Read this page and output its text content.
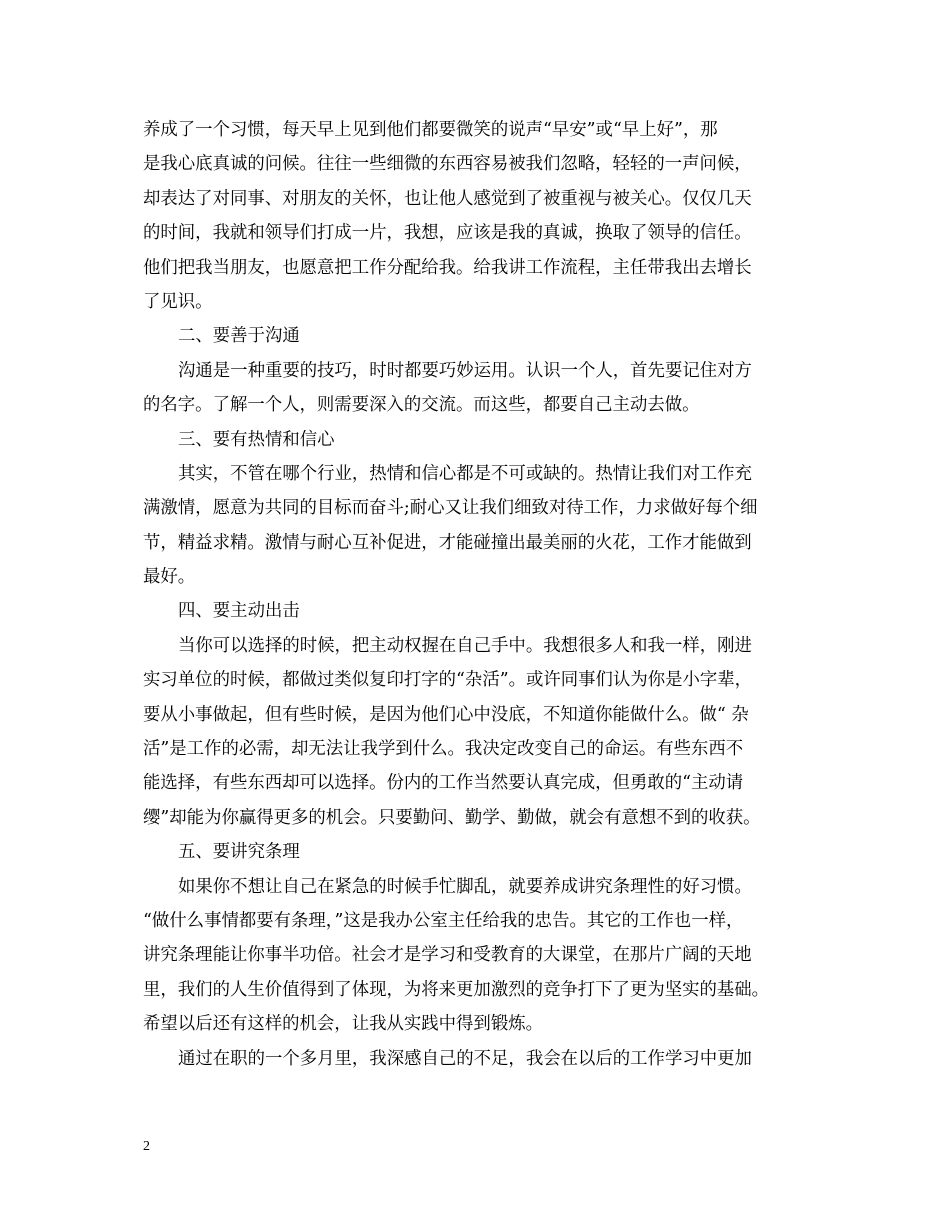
养成了一个习惯，每天早上见到他们都要微笑的说声“早安”或“早上好”，那
是我心底真诚的问候。往往一些细微的东西容易被我们忽略，轻轻的一声问候，
却表达了对同事、对朋友的关怀，也让他人感觉到了被重视与被关心。仅仅几天
的时间，我就和领导们打成一片，我想，应该是我的真诚，换取了领导的信任。
他们把我当朋友，也愿意把工作分配给我。给我讲工作流程，主任带我出去增长
了见识。
二、要善于沟通
沟通是一种重要的技巧，时时都要巧妙运用。认识一个人，首先要记住对方
的名字。了解一个人，则需要深入的交流。而这些，都要自己主动去做。
三、要有热情和信心
其实，不管在哪个行业，热情和信心都是不可或缺的。热情让我们对工作充
满激情，愿意为共同的目标而奋斗;耐心又让我们细致对待工作，力求做好每个细
节，精益求精。激情与耐心互补促进，才能碰撞出最美丽的火花，工作才能做到
最好。
四、要主动出击
当你可以选择的时候，把主动权握在自己手中。我想很多人和我一样，刚进
实习单位的时候，都做过类似复印打字的“杂活”。或许同事们认为你是小字辈，
要从小事做起，但有些时候，是因为他们心中没底，不知道你能做什么。做“ 杂
活”是工作的必需，却无法让我学到什么。我决定改变自己的命运。有些东西不
能选择，有些东西却可以选择。份内的工作当然要认真完成，但勇敢的“主动请
缨”却能为你赢得更多的机会。只要勤问、勤学、勤做，就会有意想不到的收获。
五、要讲究条理
如果你不想让自己在紧急的时候手忙脚乱，就要养成讲究条理性的好习惯。
“做什么事情都要有条理，”这是我办公室主任给我的忠告。其它的工作也一样，
讲究条理能让你事半功倍。社会才是学习和受教育的大课堂，在那片广阔的天地
里，我们的人生价值得到了体现，为将来更加激烈的竞争打下了更为坚实的基础。
希望以后还有这样的机会，让我从实践中得到锻炼。
通过在职的一个多月里，我深感自己的不足，我会在以后的工作学习中更加
2
